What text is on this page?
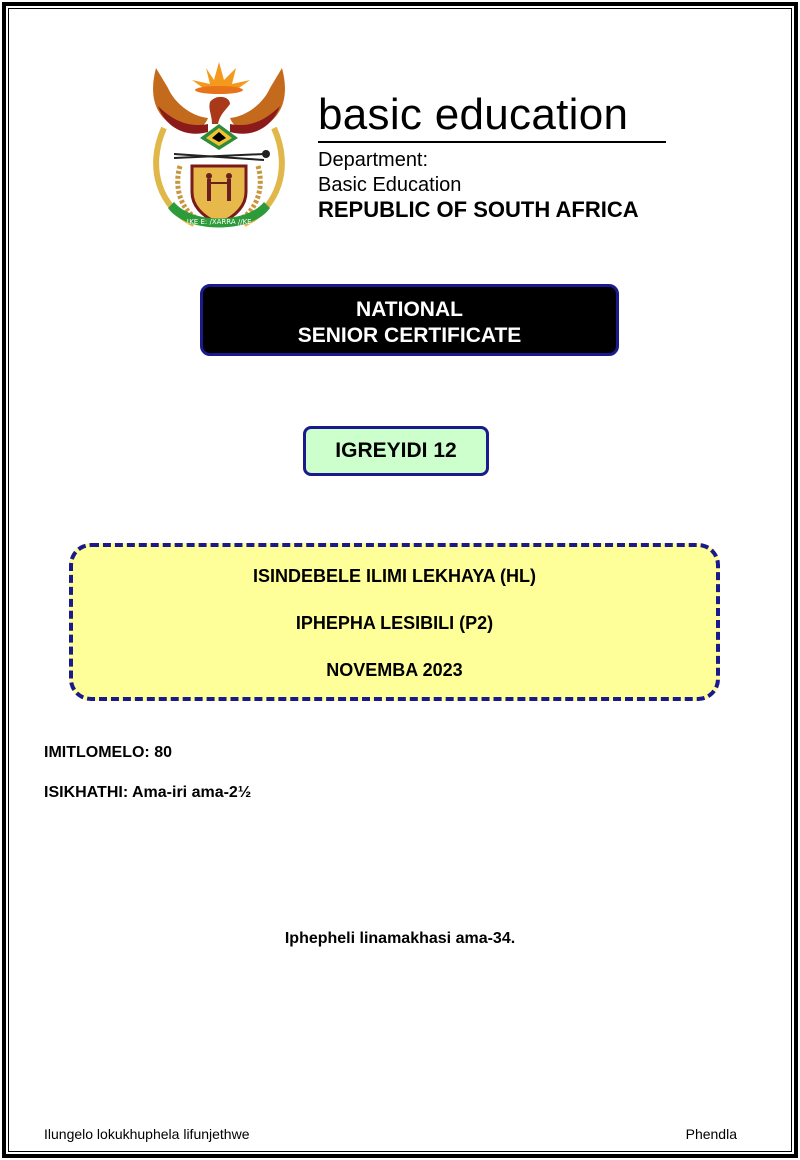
!KE E: /XARRA //KE
basic education
Department:
Basic Education
REPUBLIC OF SOUTH AFRICA
NATIONAL
SENIOR CERTIFICATE
IGREYIDI 12
ISINDEBELE ILIMI LEKHAYA (HL)
IPHEPHA LESIBILI (P2)
NOVEMBA 2023
IMITLOMELO: 80
ISIKHATHI: Ama-iri ama-2½
Iphepheli linamakhasi ama-34.
Ilungelo lokukhuphela lifunjethwe	Phendla
